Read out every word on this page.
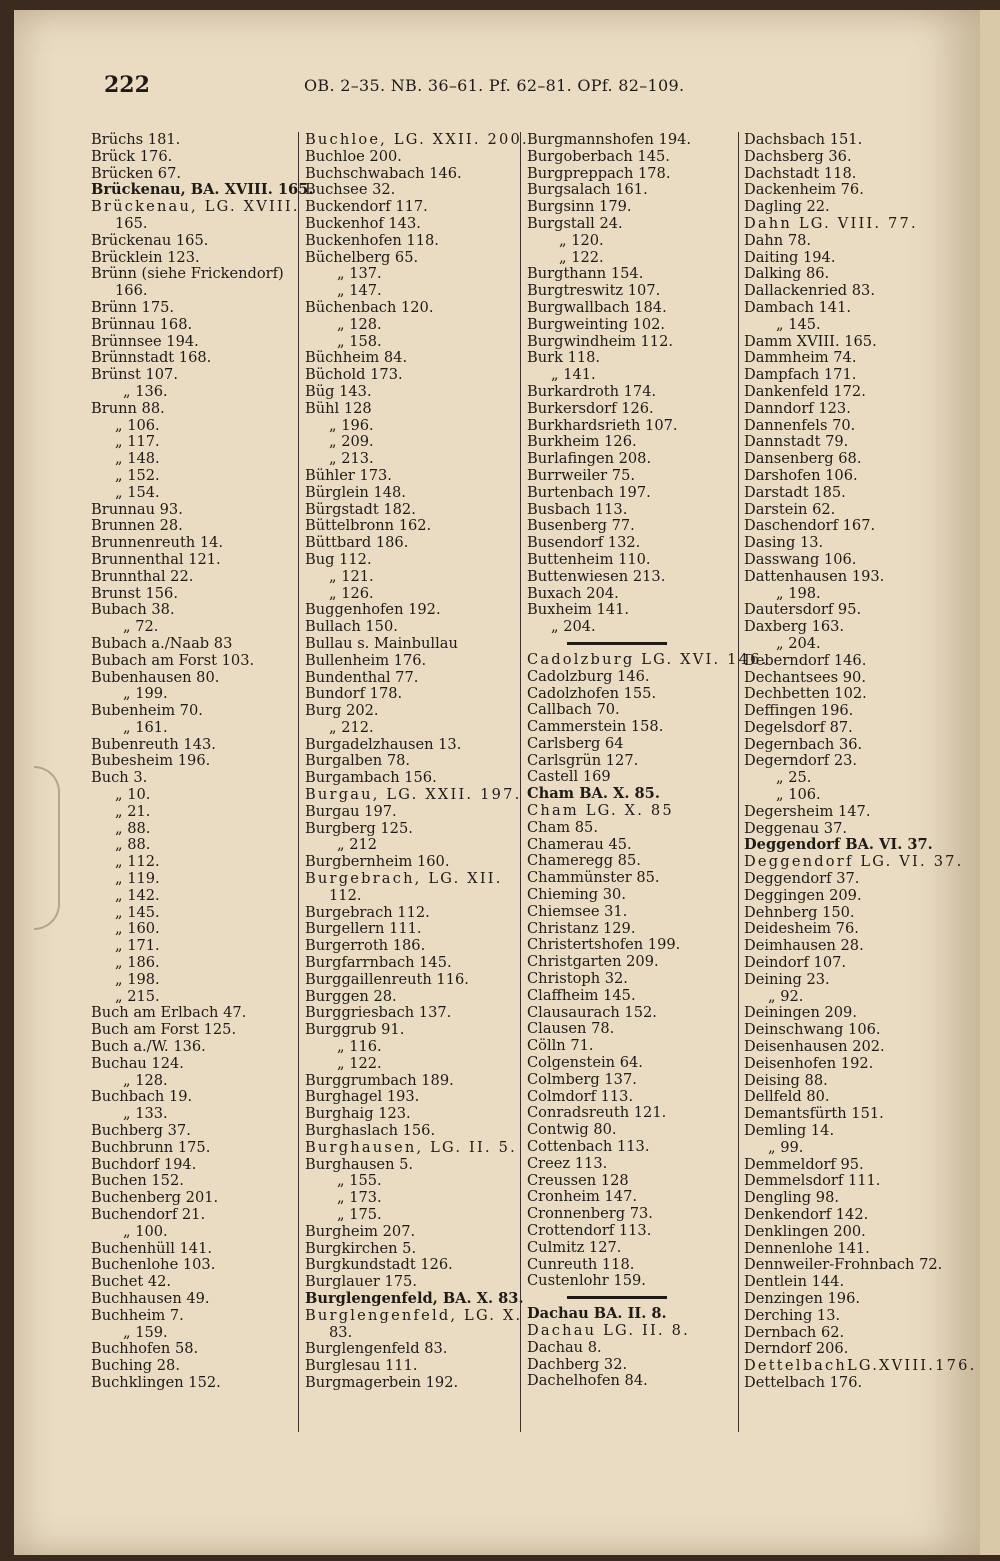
222	OB. 2–35. NB. 36–61. Pf. 62–81. OPf. 82–109.
Brüchs 181.
Brück 176.
Brücken 67.
Brückenau, BA. XVIII. 165.
Brückenau, LG. XVIII.
165.
Brückenau 165.
Brücklein 123.
Brünn (siehe Frickendorf)
166.
Brünn 175.
Brünnau 168.
Brünnsee 194.
Brünnstadt 168.
Brünst 107.
„ 136.
Brunn 88.
„ 106.
„ 117.
„ 148.
„ 152.
„ 154.
Brunnau 93.
Brunnen 28.
Brunnenreuth 14.
Brunnenthal 121.
Brunnthal 22.
Brunst 156.
Bubach 38.
„ 72.
Bubach a./Naab 83
Bubach am Forst 103.
Bubenhausen 80.
„ 199.
Bubenheim 70.
„ 161.
Bubenreuth 143.
Bubesheim 196.
Buch 3.
„ 10.
„ 21.
„ 88.
„ 88.
„ 112.
„ 119.
„ 142.
„ 145.
„ 160.
„ 171.
„ 186.
„ 198.
„ 215.
Buch am Erlbach 47.
Buch am Forst 125.
Buch a./W. 136.
Buchau 124.
„ 128.
Buchbach 19.
„ 133.
Buchberg 37.
Buchbrunn 175.
Buchdorf 194.
Buchen 152.
Buchenberg 201.
Buchendorf 21.
„ 100.
Buchenhüll 141.
Buchenlohe 103.
Buchet 42.
Buchhausen 49.
Buchheim 7.
„ 159.
Buchhofen 58.
Buching 28.
Buchklingen 152.
Buchloe, LG. XXII. 200.
Buchloe 200.
Buchschwabach 146.
Buchsee 32.
Buckendorf 117.
Buckenhof 143.
Buckenhofen 118.
Büchelberg 65.
„ 137.
„ 147.
Büchenbach 120.
„ 128.
„ 158.
Büchheim 84.
Büchold 173.
Büg 143.
Bühl 128
„ 196.
„ 209.
„ 213.
Bühler 173.
Bürglein 148.
Bürgstadt 182.
Büttelbronn 162.
Büttbard 186.
Bug 112.
„ 121.
„ 126.
Buggenhofen 192.
Bullach 150.
Bullau s. Mainbullau
Bullenheim 176.
Bundenthal 77.
Bundorf 178.
Burg 202.
„ 212.
Burgadelzhausen 13.
Burgalben 78.
Burgambach 156.
Burgau, LG. XXII. 197.
Burgau 197.
Burgberg 125.
„ 212
Burgbernheim 160.
Burgebrach, LG. XII.
112.
Burgebrach 112.
Burgellern 111.
Burgerroth 186.
Burgfarrnbach 145.
Burggaillenreuth 116.
Burggen 28.
Burggriesbach 137.
Burggrub 91.
„ 116.
„ 122.
Burggrumbach 189.
Burghagel 193.
Burghaig 123.
Burghaslach 156.
Burghausen, LG. II. 5.
Burghausen 5.
„ 155.
„ 173.
„ 175.
Burgheim 207.
Burgkirchen 5.
Burgkundstadt 126.
Burglauer 175.
Burglengenfeld, BA. X. 83.
Burglengenfeld, LG. X.
83.
Burglengenfeld 83.
Burglesau 111.
Burgmagerbein 192.
Burgmannshofen 194.
Burgoberbach 145.
Burgpreppach 178.
Burgsalach 161.
Burgsinn 179.
Burgstall 24.
„ 120.
„ 122.
Burgthann 154.
Burgtreswitz 107.
Burgwallbach 184.
Burgweinting 102.
Burgwindheim 112.
Burk 118.
„ 141.
Burkardroth 174.
Burkersdorf 126.
Burkhardsrieth 107.
Burkheim 126.
Burlafingen 208.
Burrweiler 75.
Burtenbach 197.
Busbach 113.
Busenberg 77.
Busendorf 132.
Buttenheim 110.
Buttenwiesen 213.
Buxach 204.
Buxheim 141.
„ 204.
Cadolzburg LG. XVI. 146.
Cadolzburg 146.
Cadolzhofen 155.
Callbach 70.
Cammerstein 158.
Carlsberg 64
Carlsgrün 127.
Castell 169
Cham BA. X. 85.
Cham LG. X. 85
Cham 85.
Chamerau 45.
Chameregg 85.
Chammünster 85.
Chieming 30.
Chiemsee 31.
Christanz 129.
Christertshofen 199.
Christgarten 209.
Christoph 32.
Claffheim 145.
Clausaurach 152.
Clausen 78.
Cölln 71.
Colgenstein 64.
Colmberg 137.
Colmdorf 113.
Conradsreuth 121.
Contwig 80.
Cottenbach 113.
Creez 113.
Creussen 128
Cronheim 147.
Cronnenberg 73.
Crottendorf 113.
Culmitz 127.
Cunreuth 118.
Custenlohr 159.
Dachau BA. II. 8.
Dachau LG. II. 8.
Dachau 8.
Dachberg 32.
Dachelhofen 84.
Dachsbach 151.
Dachsberg 36.
Dachstadt 118.
Dackenheim 76.
Dagling 22.
Dahn LG. VIII. 77.
Dahn 78.
Daiting 194.
Dalking 86.
Dallackenried 83.
Dambach 141.
„ 145.
Damm XVIII. 165.
Dammheim 74.
Dampfach 171.
Dankenfeld 172.
Danndorf 123.
Dannenfels 70.
Dannstadt 79.
Dansenberg 68.
Darshofen 106.
Darstadt 185.
Darstein 62.
Daschendorf 167.
Dasing 13.
Dasswang 106.
Dattenhausen 193.
„ 198.
Dautersdorf 95.
Daxberg 163.
„ 204.
Deberndorf 146.
Dechantsees 90.
Dechbetten 102.
Deffingen 196.
Degelsdorf 87.
Degernbach 36.
Degerndorf 23.
„ 25.
„ 106.
Degersheim 147.
Deggenau 37.
Deggendorf BA. VI. 37.
Deggendorf LG. VI. 37.
Deggendorf 37.
Deggingen 209.
Dehnberg 150.
Deidesheim 76.
Deimhausen 28.
Deindorf 107.
Deining 23.
„ 92.
Deiningen 209.
Deinschwang 106.
Deisenhausen 202.
Deisenhofen 192.
Deising 88.
Dellfeld 80.
Demantsfürth 151.
Demling 14.
„ 99.
Demmeldorf 95.
Demmelsdorf 111.
Dengling 98.
Denkendorf 142.
Denklingen 200.
Dennenlohe 141.
Dennweiler-Frohnbach 72.
Dentlein 144.
Denzingen 196.
Derching 13.
Dernbach 62.
Derndorf 206.
DettelbachLG.XVIII.176.
Dettelbach 176.
